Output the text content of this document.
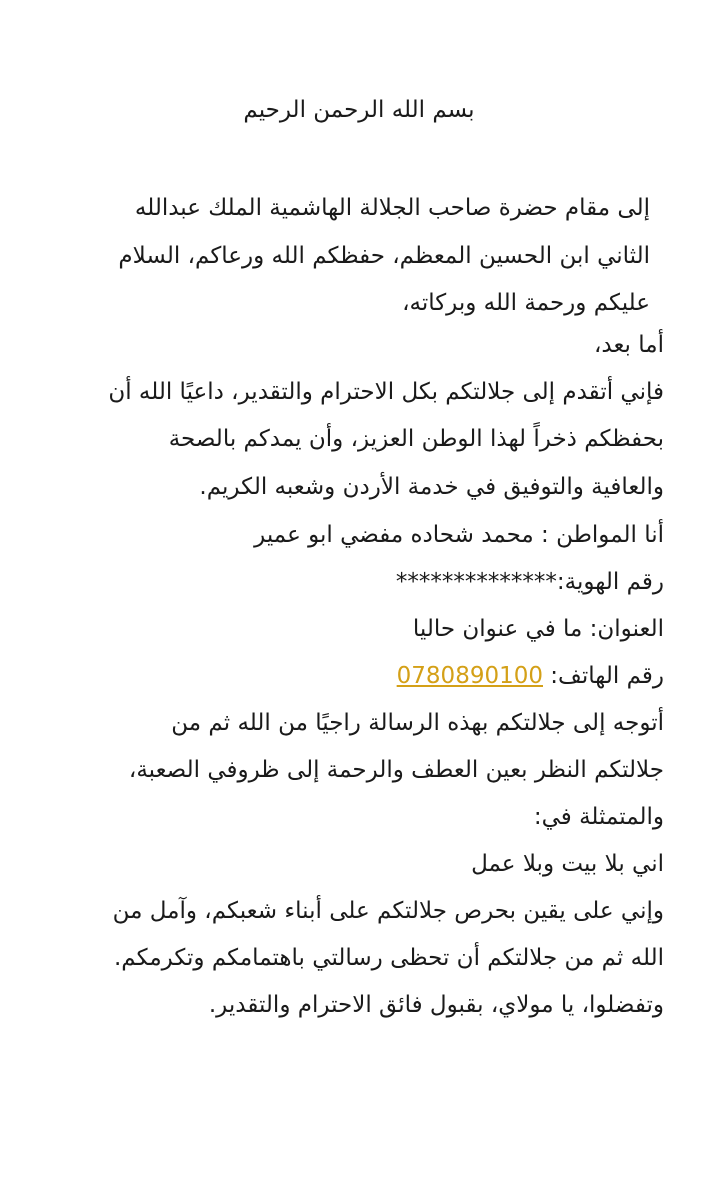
بسم الله الرحمن الرحيم
إلى مقام حضرة صاحب الجلالة الهاشمية الملك عبدالله
الثاني ابن الحسين المعظم، حفظكم الله ورعاكم، السلام
عليكم ورحمة الله وبركاته،
أما بعد،
فإني أتقدم إلى جلالتكم بكل الاحترام والتقدير، داعيًا الله أن
بحفظكم ذخراً لهذا الوطن العزيز، وأن يمدكم بالصحة
والعافية والتوفيق في خدمة الأردن وشعبه الكريم.
أنا المواطن : محمد شحاده مفضي ابو عمير
رقم الهوية:**************
العنوان: ما في عنوان حاليا
رقم الهاتف: 0780890100
أتوجه إلى جلالتكم بهذه الرسالة راجيًا من الله ثم من
جلالتكم النظر بعين العطف والرحمة إلى ظروفي الصعبة،
والمتمثلة في:
اني بلا بيت وبلا عمل
وإني على يقين بحرص جلالتكم على أبناء شعبكم، وآمل من
الله ثم من جلالتكم أن تحظى رسالتي باهتمامكم وتكرمكم.
وتفضلوا، يا مولاي، بقبول فائق الاحترام والتقدير.
